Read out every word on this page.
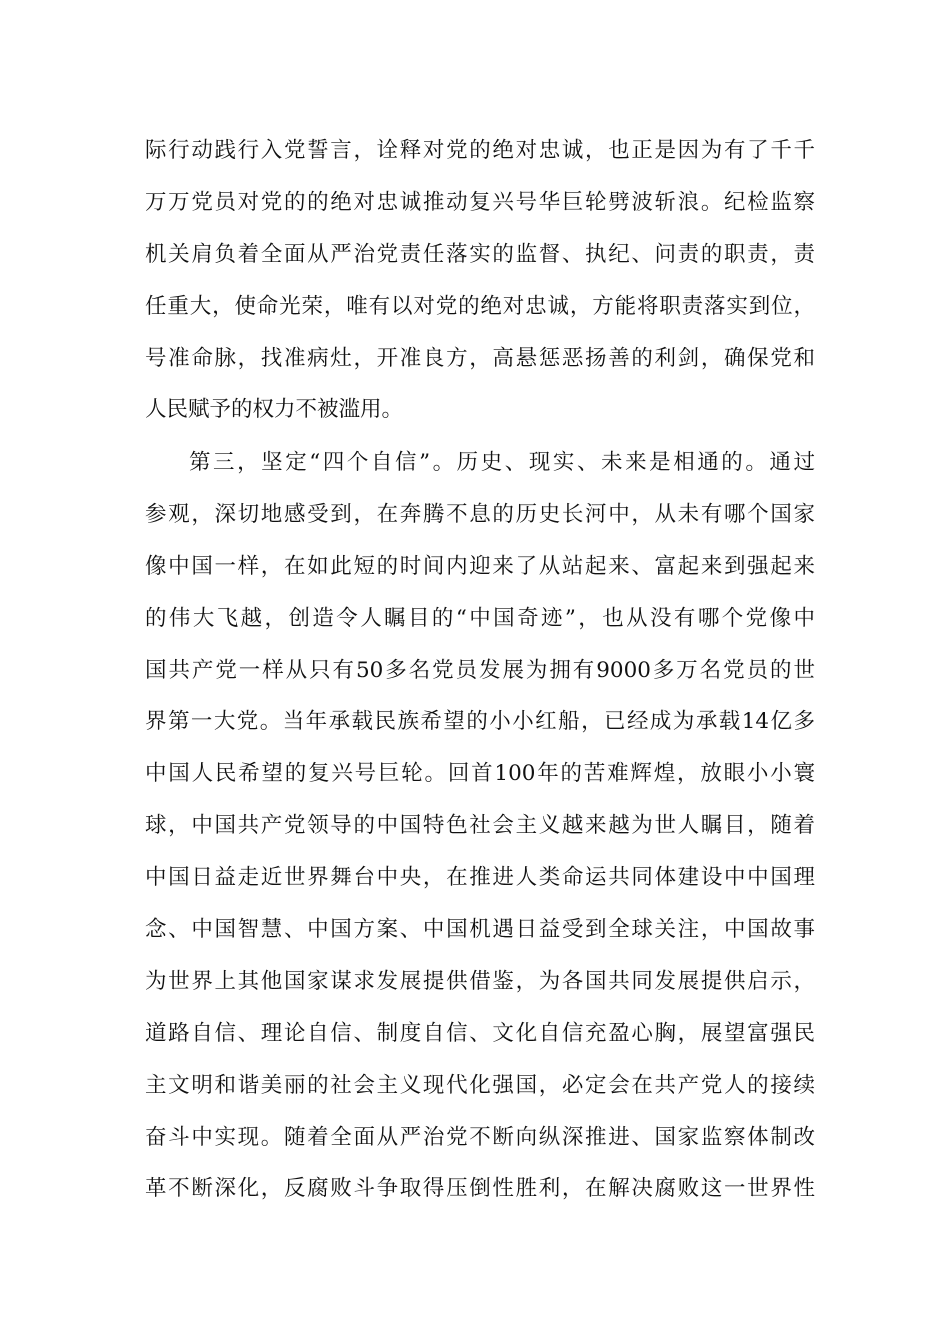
际行动践行入党誓言，诠释对党的绝对忠诚，也正是因为有了千千
万万党员对党的的绝对忠诚推动复兴号华巨轮劈波斩浪。纪检监察
机关肩负着全面从严治党责任落实的监督、执纪、问责的职责，责
任重大，使命光荣，唯有以对党的绝对忠诚，方能将职责落实到位，
号准命脉，找准病灶，开准良方，高悬惩恶扬善的利剑，确保党和
人民赋予的权力不被滥用。
第三，坚定“四个自信”。历史、现实、未来是相通的。通过
参观，深切地感受到，在奔腾不息的历史长河中，从未有哪个国家
像中国一样，在如此短的时间内迎来了从站起来、富起来到强起来
的伟大飞越，创造令人瞩目的“中国奇迹”，也从没有哪个党像中
国共产党一样从只有50多名党员发展为拥有9000多万名党员的世
界第一大党。当年承载民族希望的小小红船，已经成为承载14亿多
中国人民希望的复兴号巨轮。回首100年的苦难辉煌，放眼小小寰
球，中国共产党领导的中国特色社会主义越来越为世人瞩目，随着
中国日益走近世界舞台中央，在推进人类命运共同体建设中中国理
念、中国智慧、中国方案、中国机遇日益受到全球关注，中国故事
为世界上其他国家谋求发展提供借鉴，为各国共同发展提供启示，
道路自信、理论自信、制度自信、文化自信充盈心胸，展望富强民
主文明和谐美丽的社会主义现代化强国，必定会在共产党人的接续
奋斗中实现。随着全面从严治党不断向纵深推进、国家监察体制改
革不断深化，反腐败斗争取得压倒性胜利，在解决腐败这一世界性
